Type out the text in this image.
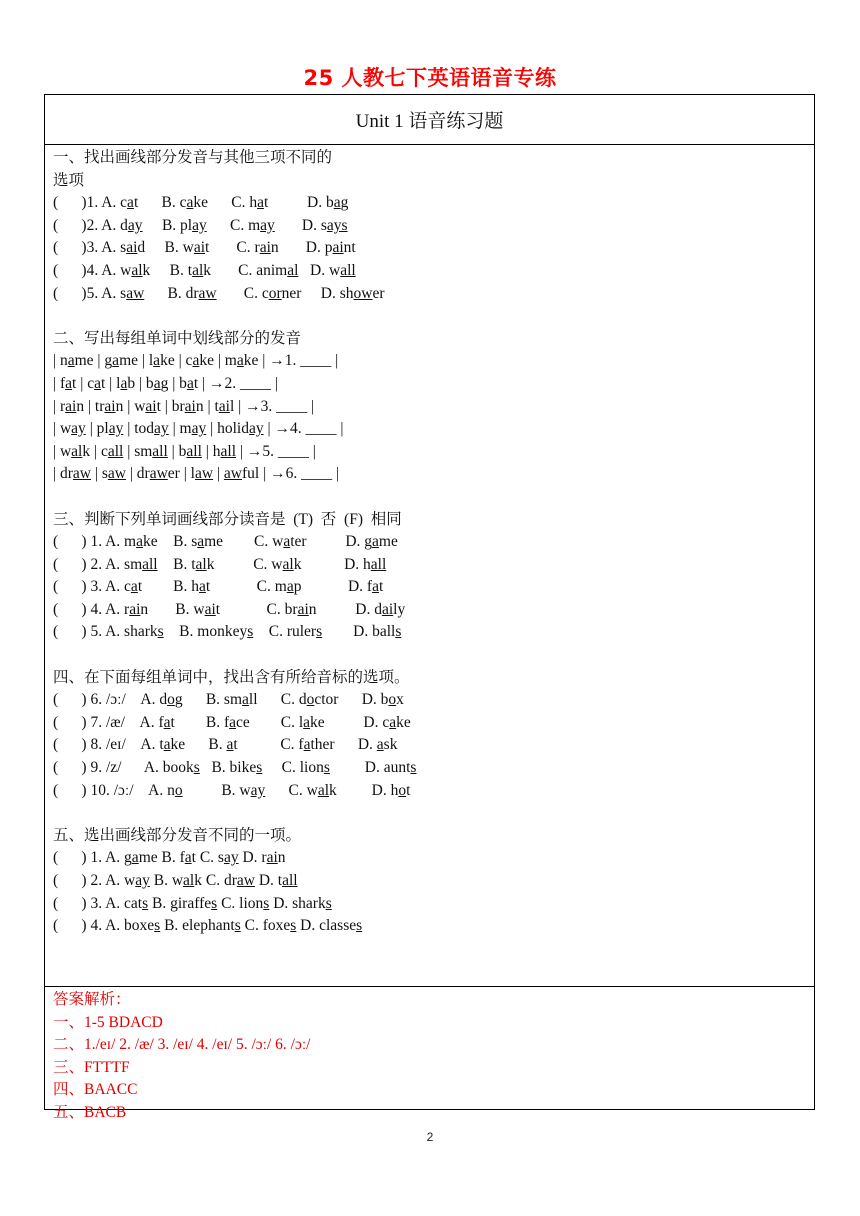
25 人教七下英语语音专练
Unit 1 语音练习题
一、找出画线部分发音与其他三项不同的
选项
(      )1. A. cat      B. cake      C. hat          D. bag
(      )2. A. day     B. play      C. may       D. says
(      )3. A. said     B. wait       C. rain       D. paint
(      )4. A. walk     B. talk       C. animal   D. wall
(      )5. A. saw      B. draw       C. corner     D. shower
二、写出每组单词中划线部分的发音
| name | game | lake | cake | make | →1. ____ |
| fat | cat | lab | bag | bat | →2. ____ |
| rain | train | wait | brain | tail | →3. ____ |
| way | play | today | may | holiday | →4. ____ |
| walk | call | small | ball | hall | →5. ____ |
| draw | saw | drawer | law | awful | →6. ____ |
三、判断下列单词画线部分读音是  (T)  否  (F)  相同
(      ) 1. A. make    B. same        C. water          D. game
(      ) 2. A. small    B. talk          C. walk           D. hall
(      ) 3. A. cat        B. hat            C. map            D. fat
(      ) 4. A. rain       B. wait            C. brain          D. daily
(      ) 5. A. sharks    B. monkeys    C. rulers        D. balls
四、在下面每组单词中，找出含有所给音标的选项。
(      ) 6. /ɔː/    A. dog      B. small      C. doctor      D. box
(      ) 7. /æ/    A. fat        B. face        C. lake          D. cake
(      ) 8. /eɪ/    A. take      B. at           C. father      D. ask
(      ) 9. /z/      A. books   B. bikes     C. lions         D. aunts
(      ) 10. /ɔː/    A. no          B. way      C. walk         D. hot
五、选出画线部分发音不同的一项。
(      ) 1. A. game B. fat C. say D. rain
(      ) 2. A. way B. walk C. draw D. tall
(      ) 3. A. cats B. giraffes C. lions D. sharks
(      ) 4. A. boxes B. elephants C. foxes D. classes
答案解析：
一、1-5 BDACD
二、1./eɪ/ 2. /æ/ 3. /eɪ/ 4. /eɪ/ 5. /ɔː/ 6. /ɔː/
三、FTTTF
四、BAACC
五、BACB
2
